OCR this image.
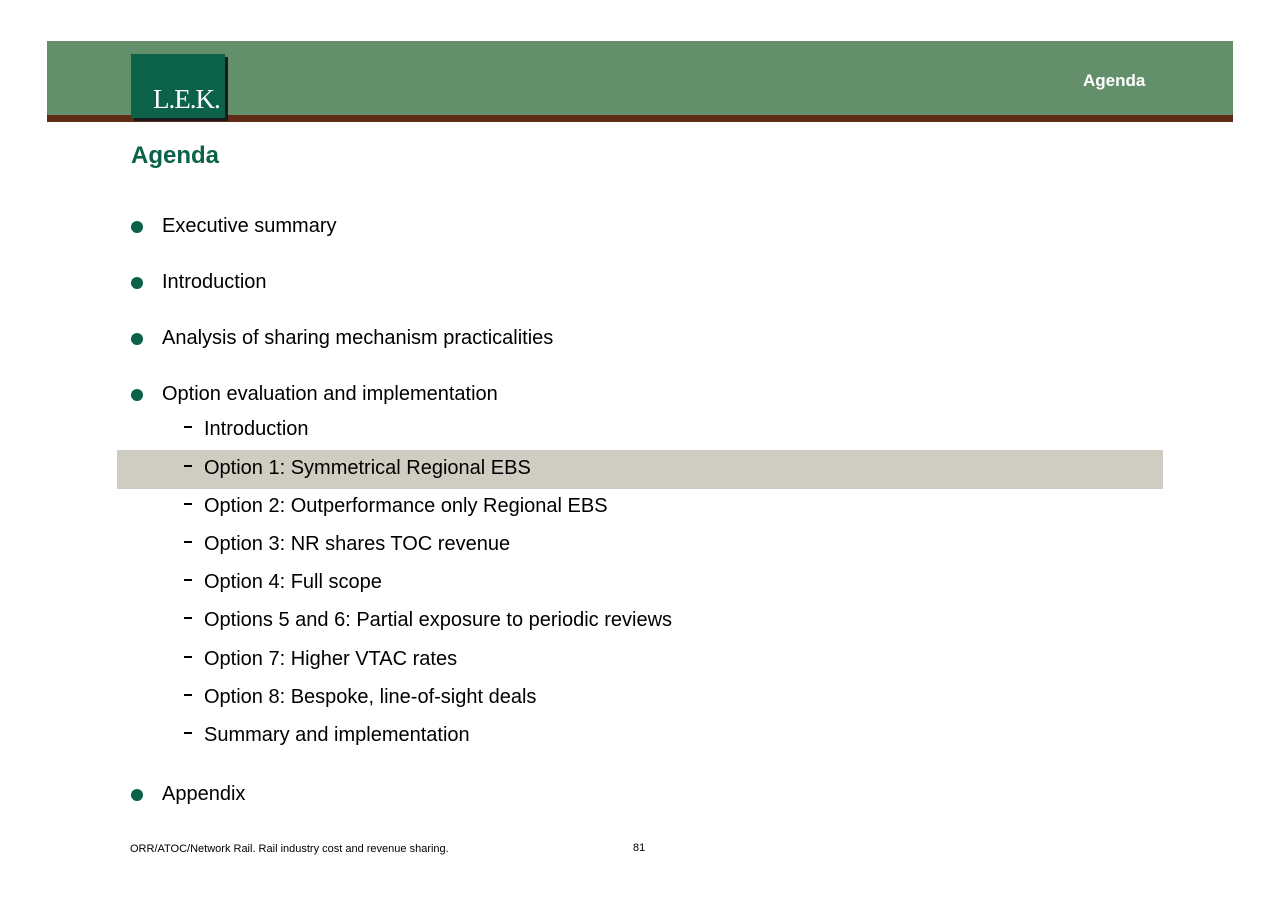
L.E.K.
Agenda
Agenda
Executive summary
Introduction
Analysis of sharing mechanism practicalities
Option evaluation and implementation
Introduction
Option 1: Symmetrical Regional EBS
Option 2: Outperformance only Regional EBS
Option 3: NR shares TOC revenue
Option 4: Full scope
Options 5 and 6: Partial exposure to periodic reviews
Option 7: Higher VTAC rates
Option 8: Bespoke, line-of-sight deals
Summary and implementation
Appendix
ORR/ATOC/Network Rail. Rail industry cost and revenue sharing.	81
